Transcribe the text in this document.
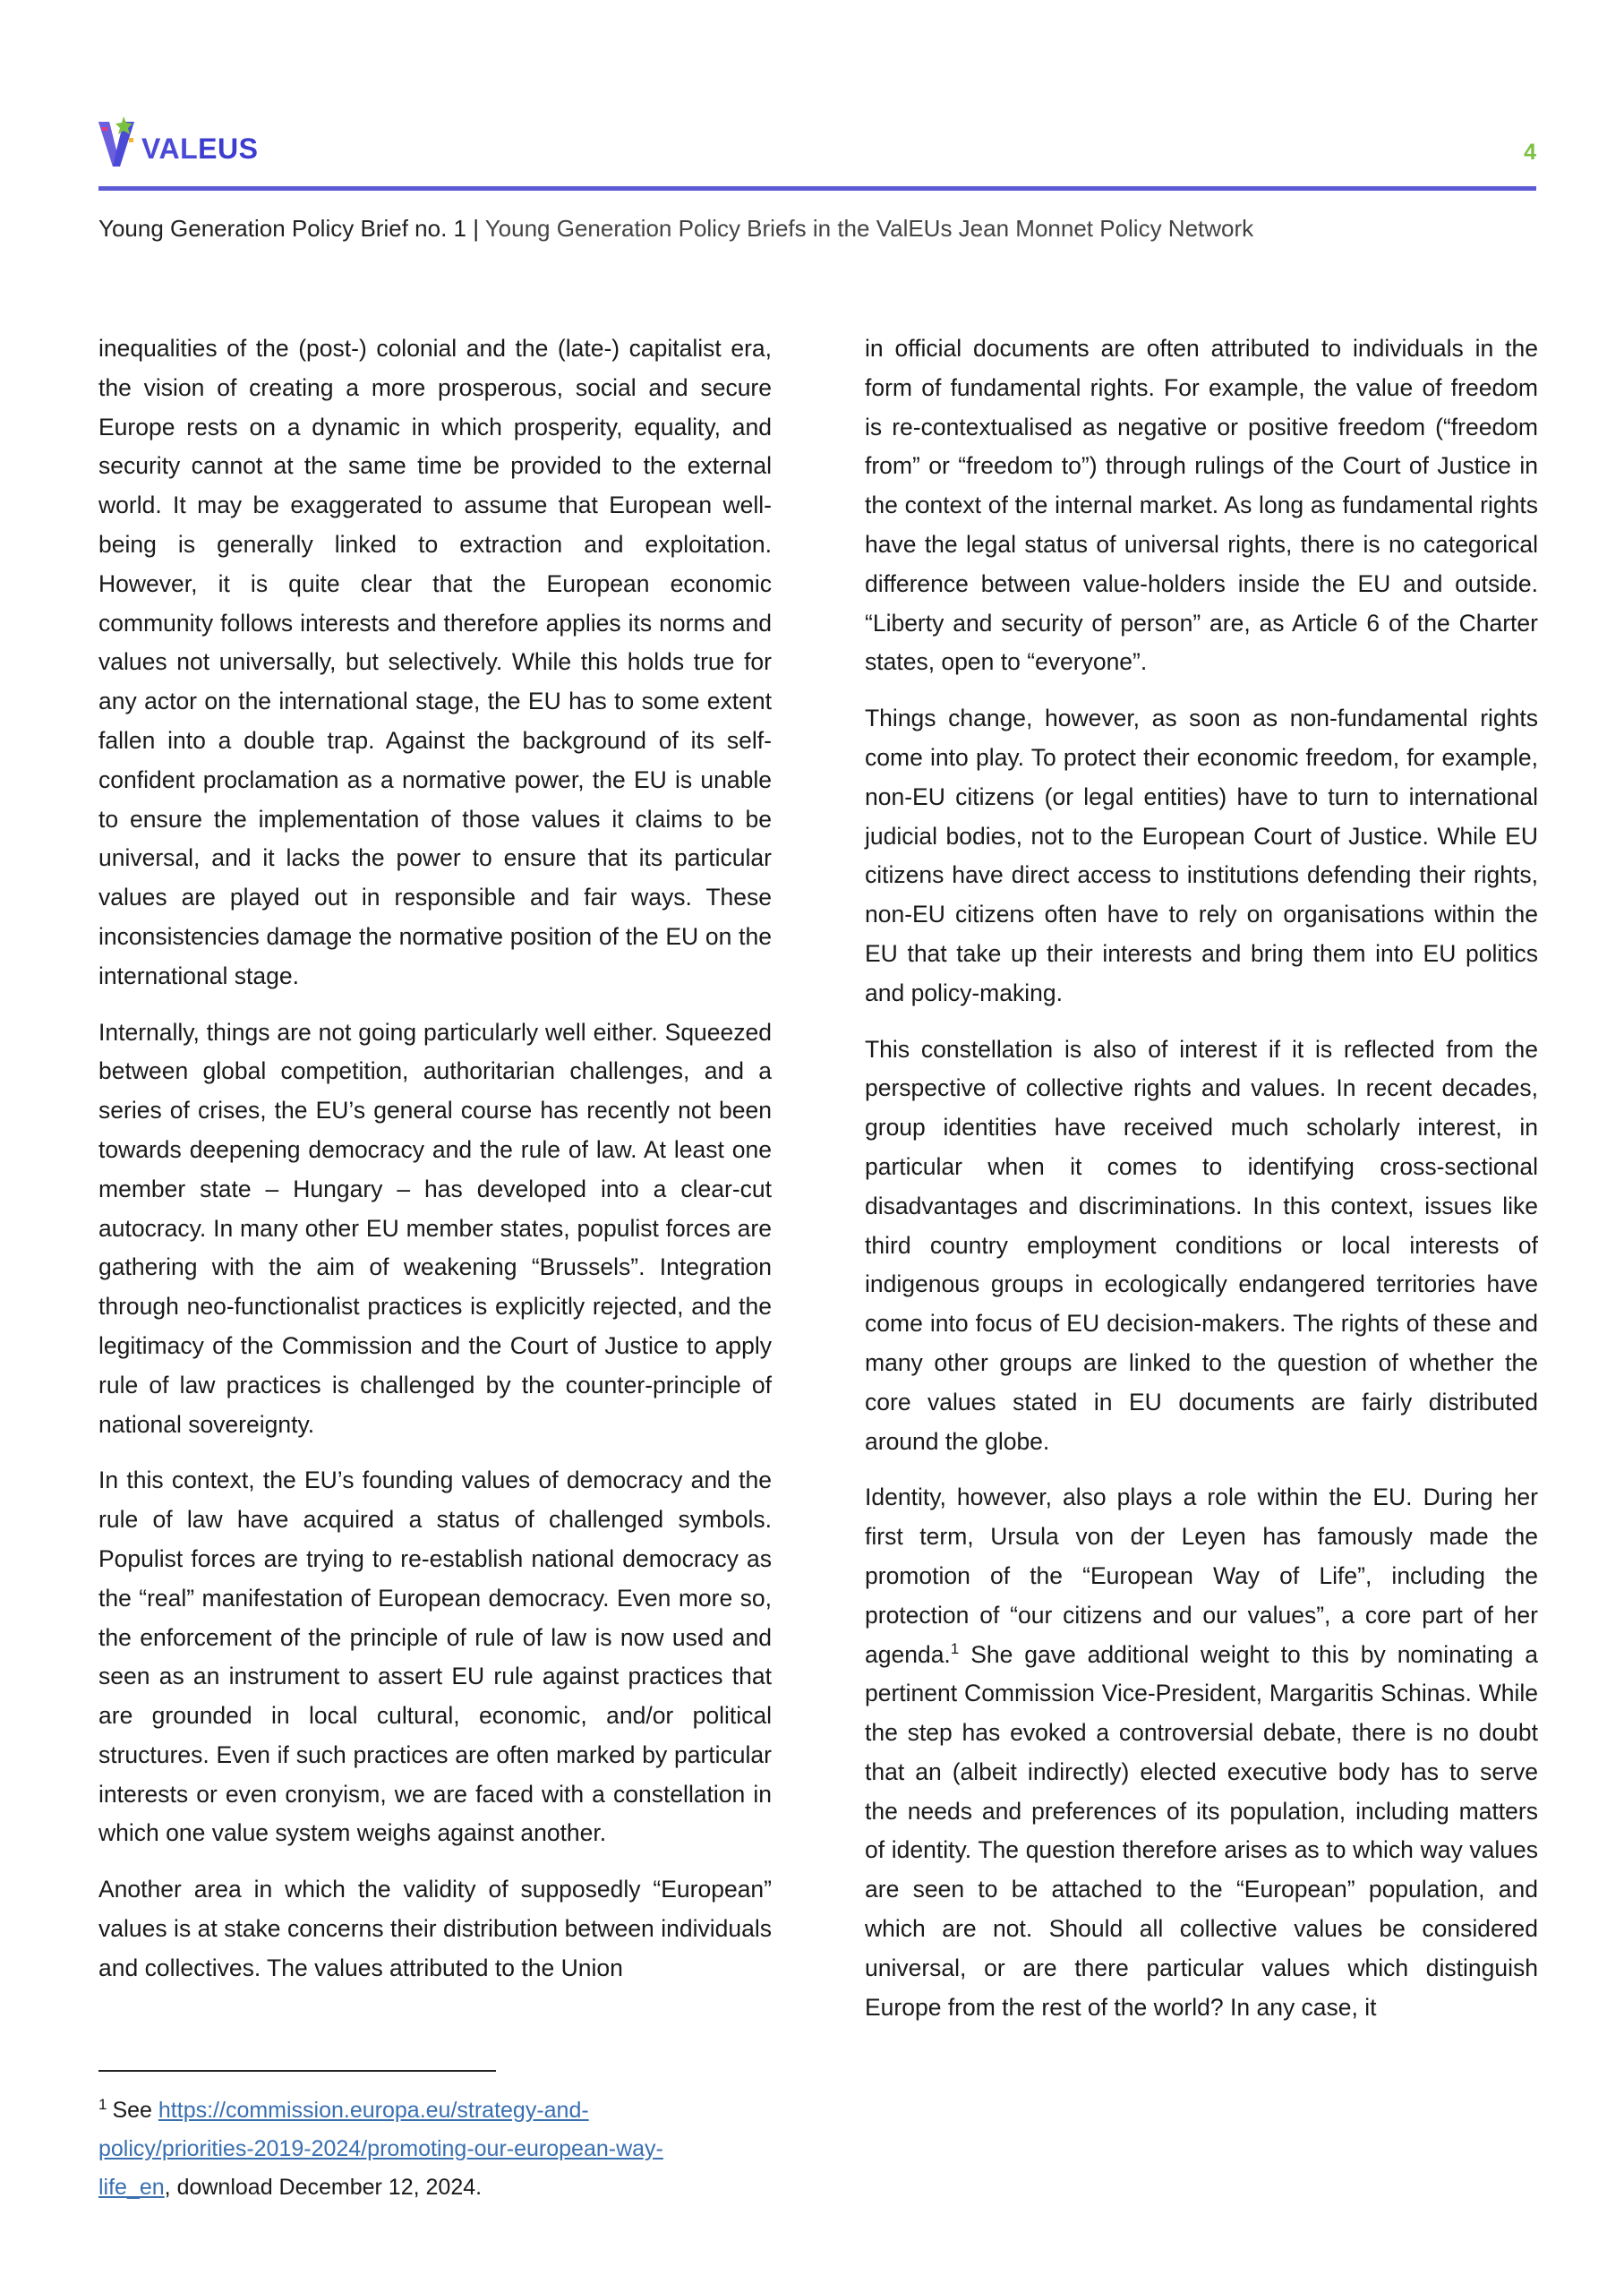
VALEUS	4
Young Generation Policy Brief no. 1 | Young Generation Policy Briefs in the ValEUs Jean Monnet Policy Network

inequalities of the (post-) colonial and the (late-) capitalist era, the vision of creating a more prosperous, social and secure Europe rests on a dynamic in which prosperity, equality, and security cannot at the same time be provided to the external world. It may be exaggerated to assume that European well-being is generally linked to extraction and exploitation. However, it is quite clear that the European economic community follows interests and therefore applies its norms and values not universally, but selectively. While this holds true for any actor on the international stage, the EU has to some extent fallen into a double trap. Against the background of its self-confident proclamation as a normative power, the EU is unable to ensure the implementation of those values it claims to be universal, and it lacks the power to ensure that its particular values are played out in responsible and fair ways. These inconsistencies damage the normative position of the EU on the international stage.

Internally, things are not going particularly well either. Squeezed between global competition, authoritarian challenges, and a series of crises, the EU’s general course has recently not been towards deepening democracy and the rule of law. At least one member state – Hungary – has developed into a clear-cut autocracy. In many other EU member states, populist forces are gathering with the aim of weakening “Brussels”. Integration through neo-functionalist practices is explicitly rejected, and the legitimacy of the Commission and the Court of Justice to apply rule of law practices is challenged by the counter-principle of national sovereignty.

In this context, the EU’s founding values of democracy and the rule of law have acquired a status of challenged symbols. Populist forces are trying to re-establish national democracy as the “real” manifestation of European democracy. Even more so, the enforcement of the principle of rule of law is now used and seen as an instrument to assert EU rule against practices that are grounded in local cultural, economic, and/or political structures. Even if such practices are often marked by particular interests or even cronyism, we are faced with a constellation in which one value system weighs against another.

Another area in which the validity of supposedly “European” values is at stake concerns their distribution between individuals and collectives. The values attributed to the Union

in official documents are often attributed to individuals in the form of fundamental rights. For example, the value of freedom is re-contextualised as negative or positive freedom (“freedom from” or “freedom to”) through rulings of the Court of Justice in the context of the internal market. As long as fundamental rights have the legal status of universal rights, there is no categorical difference between value-holders inside the EU and outside. “Liberty and security of person” are, as Article 6 of the Charter states, open to “everyone”.

Things change, however, as soon as non-fundamental rights come into play. To protect their economic freedom, for example, non-EU citizens (or legal entities) have to turn to international judicial bodies, not to the European Court of Justice. While EU citizens have direct access to institutions defending their rights, non-EU citizens often have to rely on organisations within the EU that take up their interests and bring them into EU politics and policy-making.

This constellation is also of interest if it is reflected from the perspective of collective rights and values. In recent decades, group identities have received much scholarly interest, in particular when it comes to identifying cross-sectional disadvantages and discriminations. In this context, issues like third country employment conditions or local interests of indigenous groups in ecologically endangered territories have come into focus of EU decision-makers. The rights of these and many other groups are linked to the question of whether the core values stated in EU documents are fairly distributed around the globe.

Identity, however, also plays a role within the EU. During her first term, Ursula von der Leyen has famously made the promotion of the “European Way of Life”, including the protection of “our citizens and our values”, a core part of her agenda.$^1$ She gave additional weight to this by nominating a pertinent Commission Vice-President, Margaritis Schinas. While the step has evoked a controversial debate, there is no doubt that an (albeit indirectly) elected executive body has to serve the needs and preferences of its population, including matters of identity. The question therefore arises as to which way values are seen to be attached to the “European” population, and which are not. Should all collective values be considered universal, or are there particular values which distinguish Europe from the rest of the world? In any case, it

$^1$ See https://commission.europa.eu/strategy-and-
policy/priorities-2019-2024/promoting-our-european-way-
life_en, download December 12, 2024.
